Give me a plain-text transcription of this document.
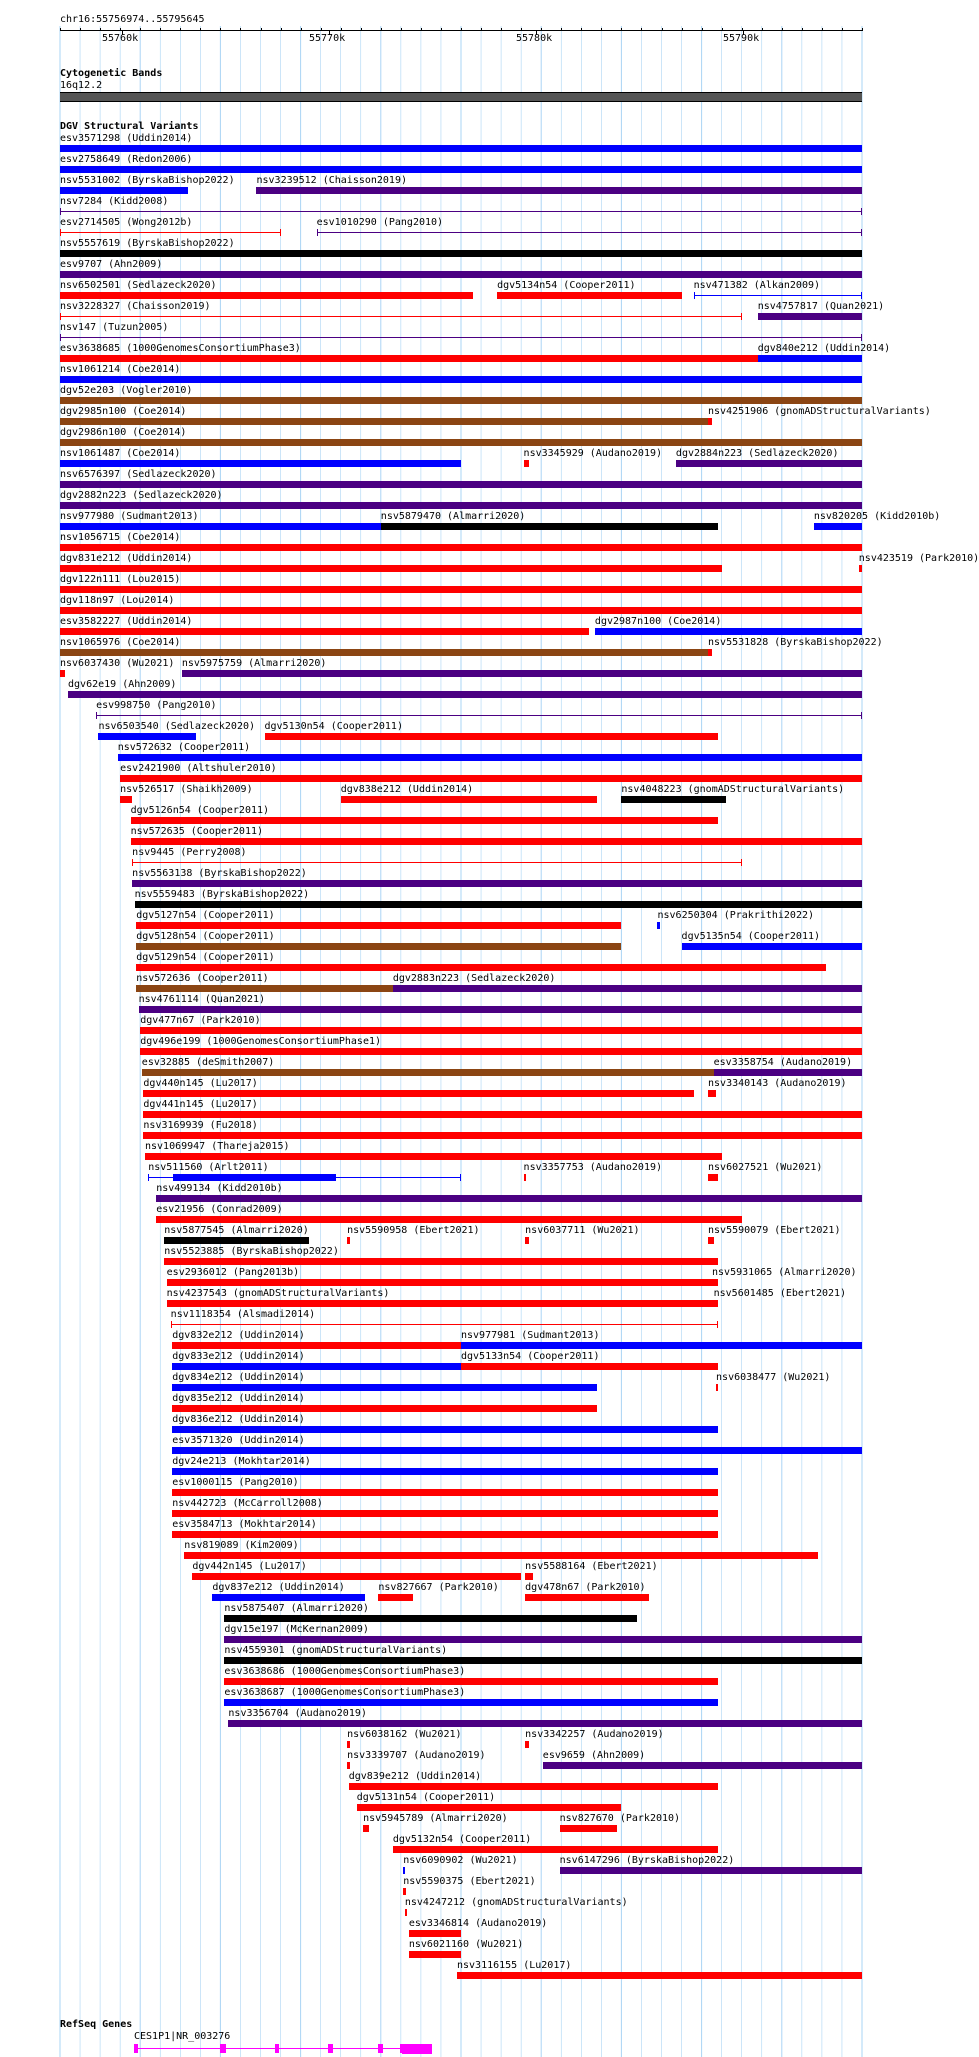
chr16:55756974..55795645
55760k	55770k	55780k	55790k
Cytogenetic Bands
16q12.2
DGV Structural Variants
esv3571298 (Uddin2014)
esv2758649 (Redon2006)
nsv5531002 (ByrskaBishop2022) nsv3239512 (Chaisson2019)
nsv7284 (Kidd2008)
esv2714505 (Wong2012b)	esv1010290 (Pang2010)
nsv5557619 (ByrskaBishop2022)
esv9707 (Ahn2009)
nsv6502501 (Sedlazeck2020)	dgv5134n54 (Cooper2011)	nsv471382 (Alkan2009)
nsv3228327 (Chaisson2019)	nsv4757817 (Quan2021)
nsv147 (Tuzun2005)
esv3638685 (1000GenomesConsortiumPhase3)	dgv840e212 (Uddin2014)
nsv1061214 (Coe2014)
dgv52e203 (Vogler2010)
dgv2985n100 (Coe2014)	nsv4251906 (gnomADStructuralVariants)
dgv2986n100 (Coe2014)
nsv1061487 (Coe2014)	nsv3345929 (Audano2019) dgv2884n223 (Sedlazeck2020)
nsv6576397 (Sedlazeck2020)
dgv2882n223 (Sedlazeck2020)
nsv977980 (Sudmant2013)	nsv5879470 (Almarri2020)	nsv820205 (Kidd2010b)
nsv1056715 (Coe2014)
dgv831e212 (Uddin2014)	nsv423519 (Park2010)
dgv122n111 (Lou2015)
dgv118n97 (Lou2014)
esv3582227 (Uddin2014)	dgv2987n100 (Coe2014)
nsv1065976 (Coe2014)	nsv5531828 (ByrskaBishop2022)
nsv6037430 (Wu2021) nsv5975759 (Almarri2020)
dgv62e19 (Ahn2009)
esv998750 (Pang2010)
nsv6503540 (Sedlazeck2020) dgv5130n54 (Cooper2011)
nsv572632 (Cooper2011)
esv2421900 (Altshuler2010)
nsv526517 (Shaikh2009)	dgv838e212 (Uddin2014)	nsv4048223 (gnomADStructuralVariants)
dgv5126n54 (Cooper2011)
nsv572635 (Cooper2011)
nsv9445 (Perry2008)
nsv5563138 (ByrskaBishop2022)
nsv5559483 (ByrskaBishop2022)
dgv5127n54 (Cooper2011)	nsv6250304 (Prakrithi2022)
dgv5128n54 (Cooper2011)	dgv5135n54 (Cooper2011)
dgv5129n54 (Cooper2011)
nsv572636 (Cooper2011)	dgv2883n223 (Sedlazeck2020)
nsv4761114 (Quan2021)
dgv477n67 (Park2010)
dgv496e199 (1000GenomesConsortiumPhase1)
esv32885 (deSmith2007)	esv3358754 (Audano2019)
dgv440n145 (Lu2017)	nsv3340143 (Audano2019)
dgv441n145 (Lu2017)
nsv3169939 (Fu2018)
nsv1069947 (Thareja2015)
nsv511560 (Arlt2011)	nsv3357753 (Audano2019)	nsv6027521 (Wu2021)
nsv499134 (Kidd2010b)
esv21956 (Conrad2009)
nsv5877545 (Almarri2020)	nsv5590958 (Ebert2021)	nsv6037711 (Wu2021)	nsv5590079 (Ebert2021)
nsv5523885 (ByrskaBishop2022)
esv2936012 (Pang2013b)	nsv5931065 (Almarri2020)
nsv4237543 (gnomADStructuralVariants)	nsv5601485 (Ebert2021)
nsv1118354 (Alsmadi2014)
dgv832e212 (Uddin2014)	nsv977981 (Sudmant2013)
dgv833e212 (Uddin2014)	dgv5133n54 (Cooper2011)
dgv834e212 (Uddin2014)	nsv6038477 (Wu2021)
dgv835e212 (Uddin2014)
dgv836e212 (Uddin2014)
esv3571320 (Uddin2014)
dgv24e213 (Mokhtar2014)
esv1000115 (Pang2010)
nsv442723 (McCarroll2008)
esv3584713 (Mokhtar2014)
nsv819089 (Kim2009)
dgv442n145 (Lu2017)	nsv5588164 (Ebert2021)
dgv837e212 (Uddin2014)	nsv827667 (Park2010)	dgv478n67 (Park2010)
nsv5875407 (Almarri2020)
dgv15e197 (McKernan2009)
nsv4559301 (gnomADStructuralVariants)
esv3638686 (1000GenomesConsortiumPhase3)
esv3638687 (1000GenomesConsortiumPhase3)
nsv3356704 (Audano2019)
nsv6038162 (Wu2021)	nsv3342257 (Audano2019)
nsv3339707 (Audano2019)	esv9659 (Ahn2009)
dgv839e212 (Uddin2014)
dgv5131n54 (Cooper2011)
nsv5945789 (Almarri2020)	nsv827670 (Park2010)
dgv5132n54 (Cooper2011)
nsv6090902 (Wu2021)	nsv6147296 (ByrskaBishop2022)
nsv5590375 (Ebert2021)
nsv4247212 (gnomADStructuralVariants)
esv3346814 (Audano2019)
nsv6021160 (Wu2021)
nsv3116155 (Lu2017)
RefSeq Genes
CES1P1|NR_003276
